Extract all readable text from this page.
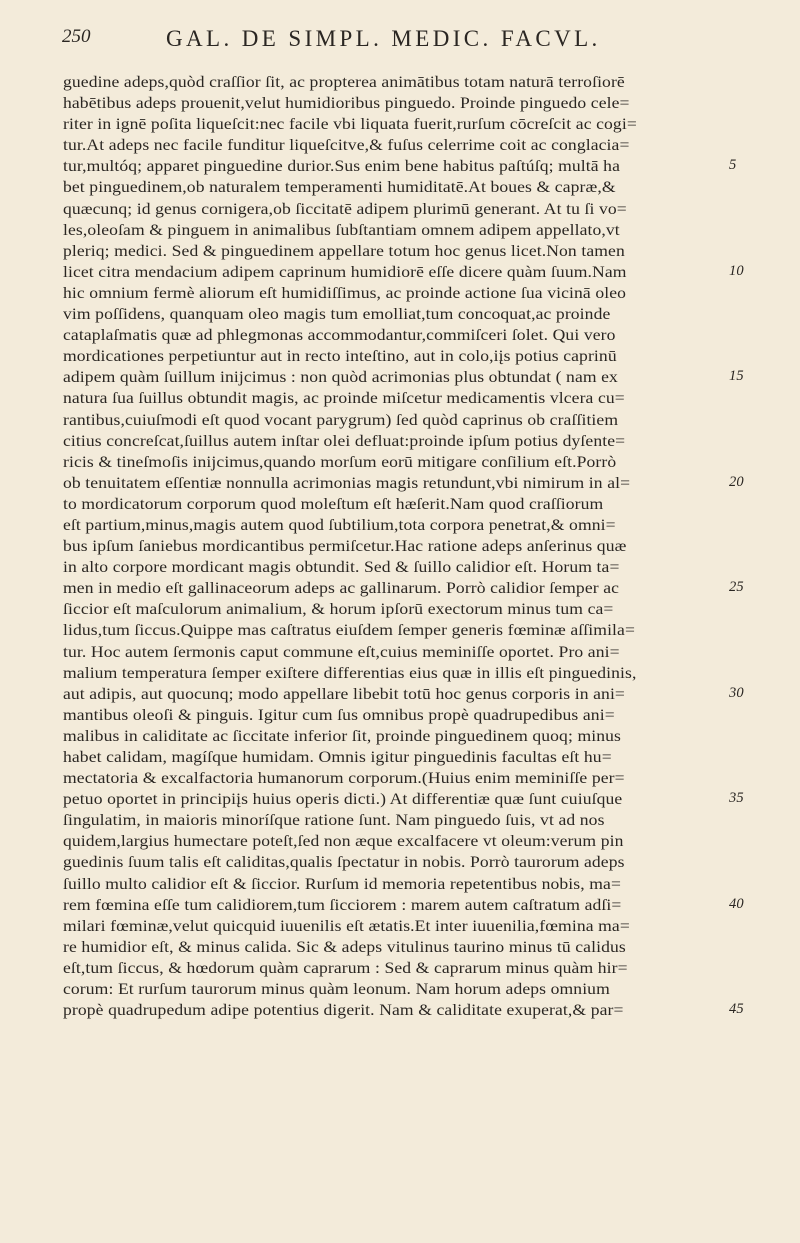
250	GAL. DE SIMPL. MEDIC. FACVL.
guedine adeps,quòd craſſior ſit, ac propterea animātibus totam naturā terroſiorē
habētibus adeps prouenit,velut humidioribus pinguedo. Proinde pinguedo cele=
riter in ignē poſita liqueſcit:nec facile vbi liquata fuerit,rurſum cōcreſcit ac cogi=
tur.At adeps nec facile funditur liqueſcitve,& fuſus celerrime coit ac conglacia=
tur,multóq; apparet pinguedine durior.Sus enim bene habitus paſtúſq; multā ha	5
bet pinguedinem,ob naturalem temperamenti humiditatē.At boues & capræ,&
quæcunq; id genus cornigera,ob ſiccitatē adipem plurimū generant. At tu ſi vo=
les,oleoſam & pinguem in animalibus ſubſtantiam omnem adipem appellato,vt
pleriq; medici. Sed & pinguedinem appellare totum hoc genus licet.Non tamen
licet citra mendacium adipem caprinum humidiorē eſſe dicere quàm ſuum.Nam	10
hic omnium fermè aliorum eſt humidiſſimus, ac proinde actione ſua vicinā oleo
vim poſſidens, quanquam oleo magis tum emolliat,tum concoquat,ac proinde
cataplaſmatis quæ ad phlegmonas accommodantur,commiſceri ſolet. Qui vero
mordicationes perpetiuntur aut in recto inteſtino, aut in colo,iįs potius caprinū
adipem quàm ſuillum inijcimus : non quòd acrimonias plus obtundat ( nam ex	15
natura ſua ſuillus obtundit magis, ac proinde miſcetur medicamentis vlcera cu=
rantibus,cuiuſmodi eſt quod vocant parygrum) ſed quòd caprinus ob craſſitiem
citius concreſcat,ſuillus autem inſtar olei defluat:proinde ipſum potius dyſente=
ricis & tineſmoſis inijcimus,quando morſum eorū mitigare conſilium eſt.Porrò
ob tenuitatem eſſentiæ nonnulla acrimonias magis retundunt,vbi nimirum in al=	20
to mordicatorum corporum quod moleſtum eſt hæſerit.Nam quod craſſiorum
eſt partium,minus,magis autem quod ſubtilium,tota corpora penetrat,& omni=
bus ipſum ſaniebus mordicantibus permiſcetur.Hac ratione adeps anſerinus quæ
in alto corpore mordicant magis obtundit. Sed & ſuillo calidior eſt. Horum ta=
men in medio eſt gallinaceorum adeps ac gallinarum. Porrò calidior ſemper ac	25
ſiccior eſt maſculorum animalium, & horum ipſorū exectorum minus tum ca=
lidus,tum ſiccus.Quippe mas caſtratus eiuſdem ſemper generis fœminæ aſſimila=
tur. Hoc autem ſermonis caput commune eſt,cuius meminiſſe oportet. Pro ani=
malium temperatura ſemper exiſtere differentias eius quæ in illis eſt pinguedinis,
aut adipis, aut quocunq; modo appellare libebit totū hoc genus corporis in ani=	30
mantibus oleoſi & pinguis. Igitur cum ſus omnibus propè quadrupedibus ani=
malibus in caliditate ac ſiccitate inferior ſit, proinde pinguedinem quoq; minus
habet calidam, magíſque humidam. Omnis igitur pinguedinis facultas eſt hu=
mectatoria & excalfactoria humanorum corporum.(Huius enim meminiſſe per=
petuo oportet in principiįs huius operis dicti.) At differentiæ quæ ſunt cuiuſque	35
ſingulatim, in maioris minoríſque ratione ſunt. Nam pinguedo ſuis, vt ad nos
quidem,largius humectare poteſt,ſed non æque excalfacere vt oleum:verum pin
guedinis ſuum talis eſt caliditas,qualis ſpectatur in nobis. Porrò taurorum adeps
ſuillo multo calidior eſt & ſiccior. Rurſum id memoria repetentibus nobis, ma=
rem fœmina eſſe tum calidiorem,tum ſicciorem : marem autem caſtratum adſi=	40
milari fœminæ,velut quicquid iuuenilis eſt ætatis.Et inter iuuenilia,fœmina ma=
re humidior eſt, & minus calida. Sic & adeps vitulinus taurino minus tū calidus
eſt,tum ſiccus, & hœdorum quàm caprarum : Sed & caprarum minus quàm hir=
corum: Et rurſum taurorum minus quàm leonum. Nam horum adeps omnium
propè quadrupedum adipe potentius digerit. Nam & caliditate exuperat,& par=	45
